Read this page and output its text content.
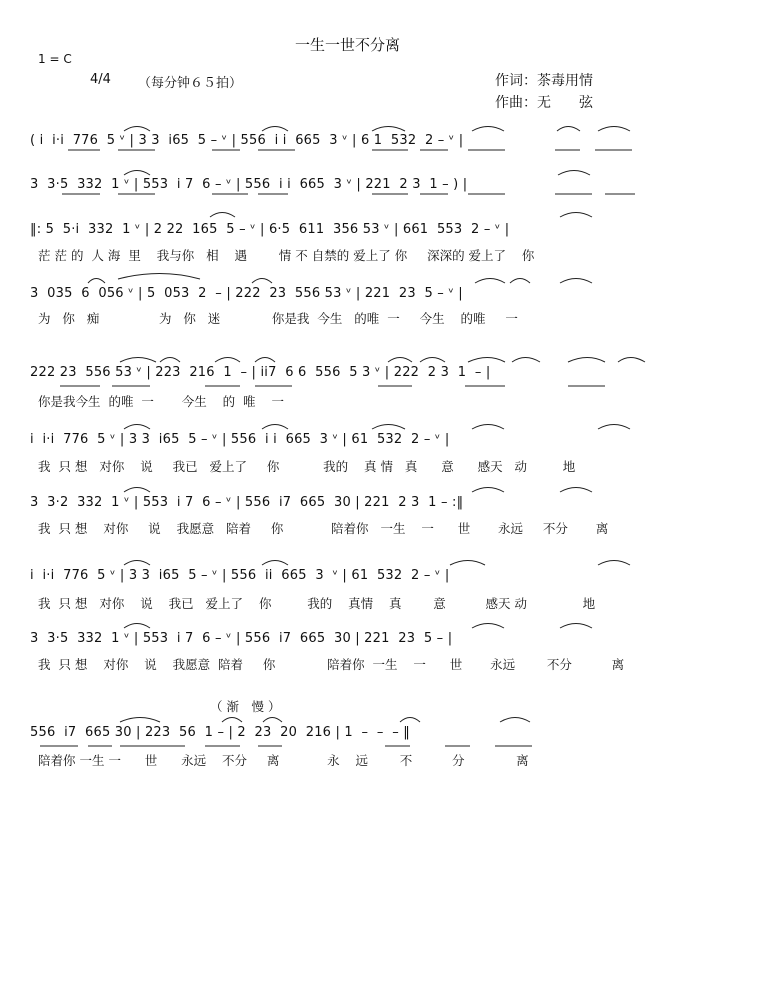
一生一世不分离
1 = C
4/4 （每分钟６５拍）	作词：茶毒用情
作曲：无　　弦
( i  i·i  776  5 ᵛ | 3 3  i65  5 – ᵛ | 556  i i  665  3 ᵛ | 6 1  532  2 – ᵛ |
3  3·5  332  1 ᵛ | 553  i 7  6 – ᵛ | 556  i i  665  3 ᵛ | 221  2 3  1 – ) |
‖: 5  5·i  332  1 ᵛ | 2 22  165  5 – ᵛ | 6·5  611  356 53 ᵛ | 661  553  2 – ᵛ |
茫 茫 的  人 海  里    我与你   相    遇        情 不 自禁的 爱上了 你     深深的 爱上了    你
3  035  6  056 ᵛ | 5  053  2  – | 222  23  556 53 ᵛ | 221  23  5 – ᵛ |
为   你   痴               为   你   迷             你是我  今生   的唯  一     今生    的唯     一
222 23  556 53 ᵛ | 223  216  1  – | ii7  6 6  556  5 3 ᵛ | 222  2 3  1  – |
你是我今生  的唯  一       今生    的  唯    一
i  i·i  776  5 ᵛ | 3 3  i65  5 – ᵛ | 556  i i  665  3 ᵛ | 61  532  2 – ᵛ |
我  只 想   对你    说     我已   爱上了     你           我的    真 情   真      意      感天   动         地
3  3·2  332  1 ᵛ | 553  i 7  6 – ᵛ | 556  i7  665  30 | 221  2 3  1 – :‖
我  只 想    对你     说    我愿意   陪着     你            陪着你   一生    一      世       永远     不分       离
i  i·i  776  5 ᵛ | 3 3  i65  5 – ᵛ | 556  ii  665  3  ᵛ | 61  532  2 – ᵛ |
我  只 想   对你    说    我已   爱上了    你         我的    真情    真        意          感天 动              地
3  3·5  332  1 ᵛ | 553  i 7  6 – ᵛ | 556  i7  665  30 | 221  23  5 – |
我  只 想    对你    说    我愿意  陪着     你             陪着你  一生    一      世       永远        不分          离
（ 渐　慢 ）
556  i7  665 30 | 223  56  1 – | 2  23  20  216 | 1  –  –  – ‖
陪着你 一生 一      世      永远    不分     离            永    远        不          分             离
